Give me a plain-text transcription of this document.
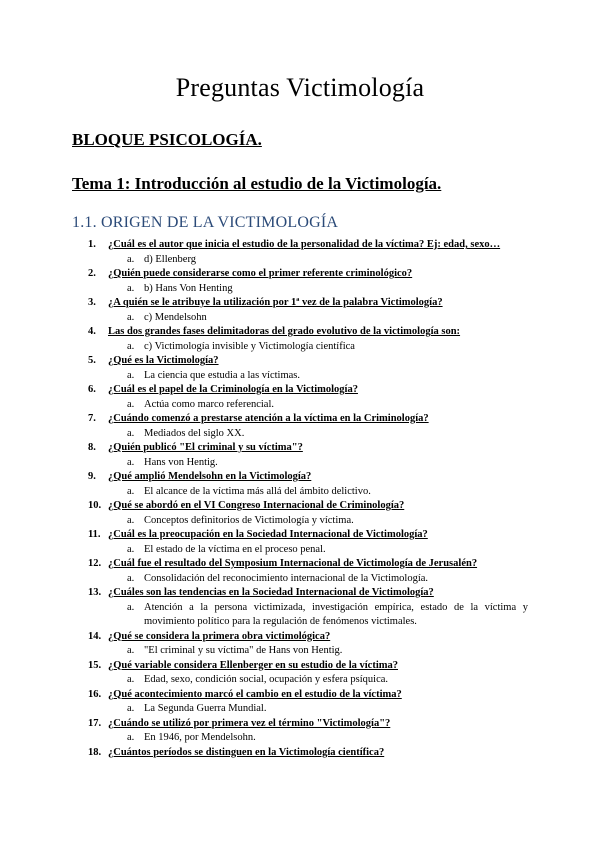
Preguntas Victimología
BLOQUE PSICOLOGÍA.
Tema 1: Introducción al estudio de la Victimología.
1.1. ORIGEN DE LA VICTIMOLOGÍA
1.	¿Cuál es el autor que inicia el estudio de la personalidad de la víctima? Ej: edad, sexo…
a. d) Ellenberg
2.	¿Quién puede considerarse como el primer referente criminológico?
a. b) Hans Von Henting
3.	¿A quién se le atribuye la utilización por 1ª vez de la palabra Victimología?
a. c) Mendelsohn
4.	Las dos grandes fases delimitadoras del grado evolutivo de la victimología son:
a. c) Victimología invisible y Victimología científica
5.	¿Qué es la Victimología?
a. La ciencia que estudia a las víctimas.
6.	¿Cuál es el papel de la Criminología en la Victimología?
a. Actúa como marco referencial.
7.	¿Cuándo comenzó a prestarse atención a la víctima en la Criminología?
a. Mediados del siglo XX.
8.	¿Quién publicó "El criminal y su víctima"?
a. Hans von Hentig.
9.	¿Qué amplió Mendelsohn en la Victimología?
a. El alcance de la víctima más allá del ámbito delictivo.
10. ¿Qué se abordó en el VI Congreso Internacional de Criminología?
a. Conceptos definitorios de Victimología y víctima.
11. ¿Cuál es la preocupación en la Sociedad Internacional de Victimología?
a. El estado de la víctima en el proceso penal.
12. ¿Cuál fue el resultado del Symposium Internacional de Victimología de Jerusalén?
a. Consolidación del reconocimiento internacional de la Victimología.
13. ¿Cuáles son las tendencias en la Sociedad Internacional de Victimología?
a. Atención a la persona victimizada, investigación empírica, estado de la víctima y movimiento político para la regulación de fenómenos victimales.
14. ¿Qué se considera la primera obra victimológica?
a. "El criminal y su víctima" de Hans von Hentig.
15. ¿Qué variable considera Ellenberger en su estudio de la víctima?
a. Edad, sexo, condición social, ocupación y esfera psíquica.
16. ¿Qué acontecimiento marcó el cambio en el estudio de la víctima?
a. La Segunda Guerra Mundial.
17. ¿Cuándo se utilizó por primera vez el término "Victimología"?
a. En 1946, por Mendelsohn.
18. ¿Cuántos períodos se distinguen en la Victimología científica?
